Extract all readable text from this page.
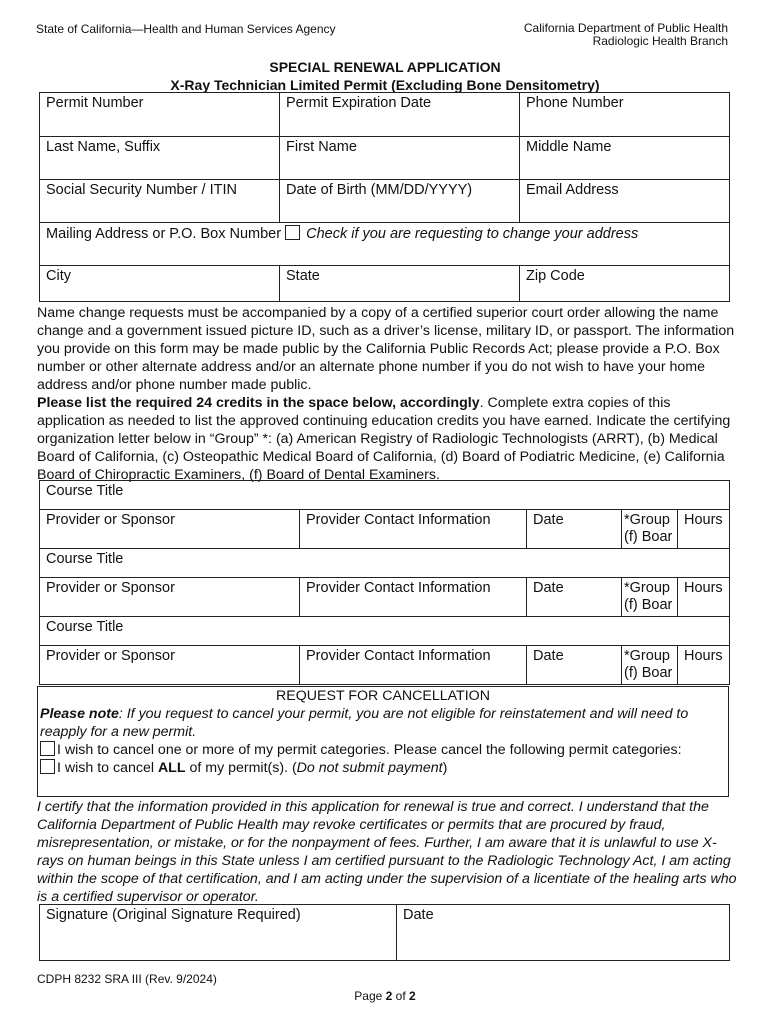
State of California—Health and Human Services Agency	California Department of Public Health
Radiologic Health Branch
SPECIAL RENEWAL APPLICATION
X-Ray Technician Limited Permit (Excluding Bone Densitometry)
Permit Number	Permit Expiration Date	Phone Number
Last Name, Suffix	First Name	Middle Name
Social Security Number / ITIN	Date of Birth (MM/DD/YYYY)	Email Address
Mailing Address or P.O. Box Number Check if you are requesting to change your address		
City	State	Zip Code
Name change requests must be accompanied by a copy of a certified superior court order allowing the name change and a government issued picture ID, such as a driver’s license, military ID, or passport. The information you provide on this form may be made public by the California Public Records Act; please provide a P.O. Box number or other alternate address and/or an alternate phone number if you do not wish to have your home address and/or phone number made public.
Please list the required 24 credits in the space below, accordingly. Complete extra copies of this application as needed to list the approved continuing education credits you have earned. Indicate the certifying organization letter below in “Group” *: (a) American Registry of Radiologic Technologists (ARRT), (b) Medical Board of California, (c) Osteopathic Medical Board of California, (d) Board of Podiatric Medicine, (e) California Board of Chiropractic Examiners, (f) Board of Dental Examiners.
Course Title				
Provider or Sponsor	Provider Contact Information	Date	*Group (f) Boar	Hours
Course Title				
Provider or Sponsor	Provider Contact Information	Date	*Group (f) Boar	Hours
Course Title				
Provider or Sponsor	Provider Contact Information	Date	*Group (f) Boar	Hours
REQUEST FOR CANCELLATION
Please note: If you request to cancel your permit, you are not eligible for reinstatement and will need to reapply for a new permit.
I wish to cancel one or more of my permit categories. Please cancel the following permit categories:
I wish to cancel ALL of my permit(s). (Do not submit payment)
I certify that the information provided in this application for renewal is true and correct. I understand that the California Department of Public Health may revoke certificates or permits that are procured by fraud, misrepresentation, or mistake, or for the nonpayment of fees. Further, I am aware that it is unlawful to use X-rays on human beings in this State unless I am certified pursuant to the Radiologic Technology Act, I am acting within the scope of that certification, and I am acting under the supervision of a licentiate of the healing arts who is a certified supervisor or operator.
Signature (Original Signature Required)	Date
CDPH 8232 SRA III (Rev. 9/2024)
Page 2 of 2
